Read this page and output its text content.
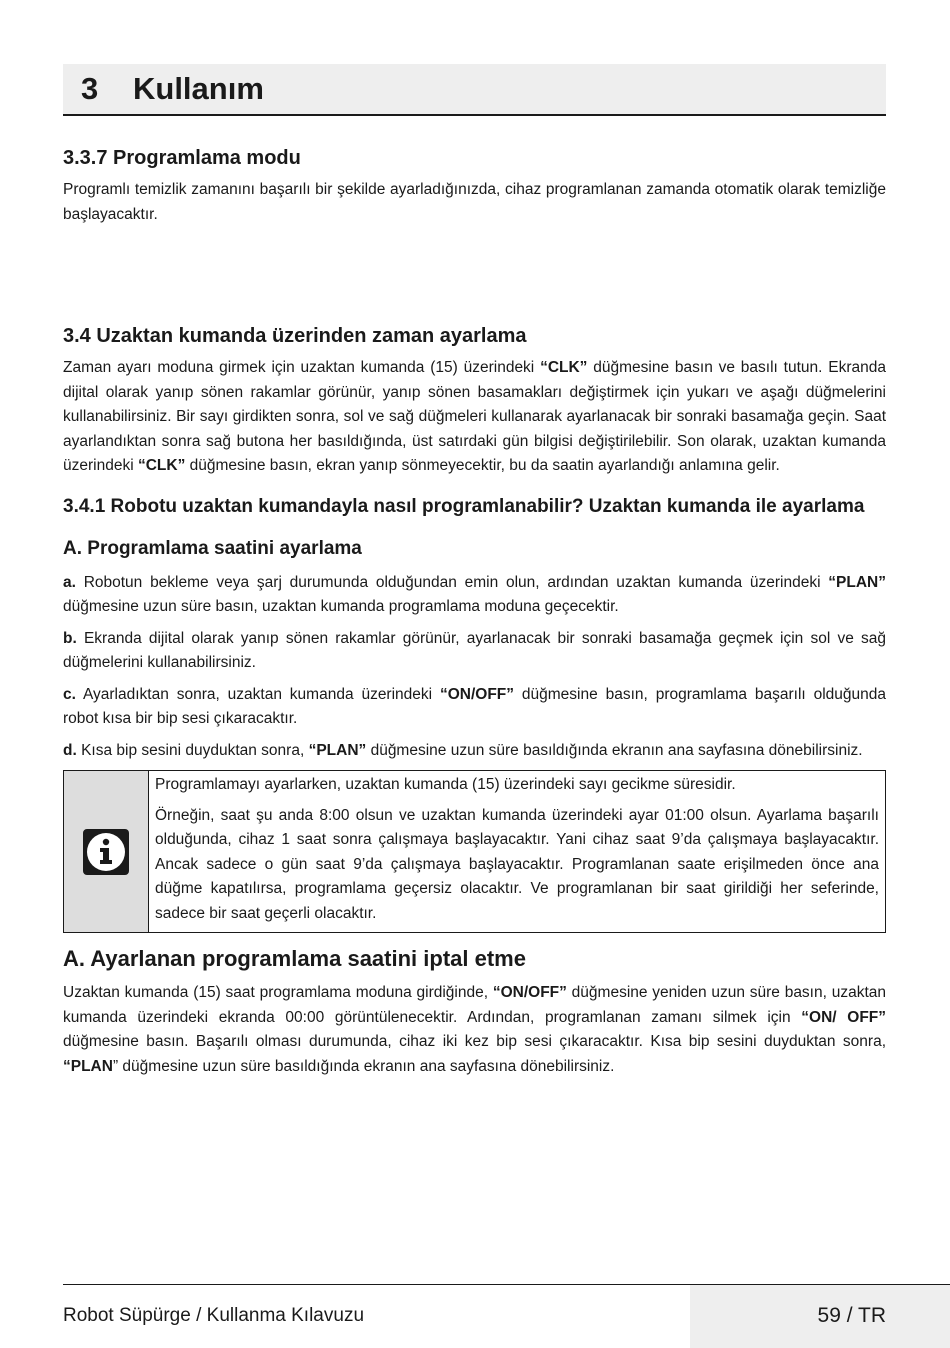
3	Kullanım
3.3.7 Programlama modu

Programlı temizlik zamanını başarılı bir şekilde ayarladığınızda, cihaz programlanan zamanda otomatik olarak temizliğe başlayacaktır.

3.4 Uzaktan kumanda üzerinden zaman ayarlama

Zaman ayarı moduna girmek için uzaktan kumanda (15) üzerindeki “CLK” düğmesine basın ve basılı tutun. Ekranda dijital olarak yanıp sönen rakamlar görünür, yanıp sönen basamakları değiştirmek için yukarı ve aşağı düğmelerini kullanabilirsiniz. Bir sayı girdikten sonra, sol ve sağ düğmeleri kullanarak ayarlanacak bir sonraki basamağa geçin. Saat ayarlandıktan sonra sağ butona her basıldığında, üst satırdaki gün bilgisi değiştirilebilir. Son olarak, uzaktan kumanda üzerindeki “CLK” düğmesine basın, ekran yanıp sönmeyecektir, bu da saatin ayarlandığı anlamına gelir.

3.4.1 Robotu uzaktan kumandayla nasıl programlanabilir? Uzaktan kumanda ile ayarlama
A. Programlama saatini ayarlama

a. Robotun bekleme veya şarj durumunda olduğundan emin olun, ardından uzaktan kumanda üzerindeki “PLAN” düğmesine uzun süre basın, uzaktan kumanda programlama moduna geçecektir.

b. Ekranda dijital olarak yanıp sönen rakamlar görünür, ayarlanacak bir sonraki basamağa geçmek için sol ve sağ düğmelerini kullanabilirsiniz.

c. Ayarladıktan sonra, uzaktan kumanda üzerindeki “ON/OFF” düğmesine basın, programlama başarılı olduğunda robot kısa bir bip sesi çıkaracaktır.

d. Kısa bip sesini duyduktan sonra, “PLAN” düğmesine uzun süre basıldığında ekranın ana sayfasına dönebilirsiniz.

Programlamayı ayarlarken, uzaktan kumanda (15) üzerindeki sayı gecikme süresidir.

Örneğin, saat şu anda 8:00 olsun ve uzaktan kumanda üzerindeki ayar 01:00 olsun. Ayarlama başarılı olduğunda, cihaz 1 saat sonra çalışmaya başlayacaktır. Yani cihaz saat 9’da çalışmaya başlayacaktır. Ancak sadece o gün saat 9’da çalışmaya başlayacaktır. Programlanan saate erişilmeden önce ana düğme kapatılırsa, programlama geçersiz olacaktır. Ve programlanan bir saat girildiği her seferinde, sadece bir saat geçerli olacaktır.

A. Ayarlanan programlama saatini iptal etme

Uzaktan kumanda (15) saat programlama moduna girdiğinde, “ON/OFF” düğmesine yeniden uzun süre basın, uzaktan kumanda üzerindeki ekranda 00:00 görüntülenecektir. Ardından, programlanan zamanı silmek için “ON/ OFF” düğmesine basın. Başarılı olması durumunda, cihaz iki kez bip sesi çıkaracaktır. Kısa bip sesini duyduktan sonra, “PLAN” düğmesine uzun süre basıldığında ekranın ana sayfasına dönebilirsiniz.

Robot Süpürge / Kullanma Kılavuzu	59 / TR
